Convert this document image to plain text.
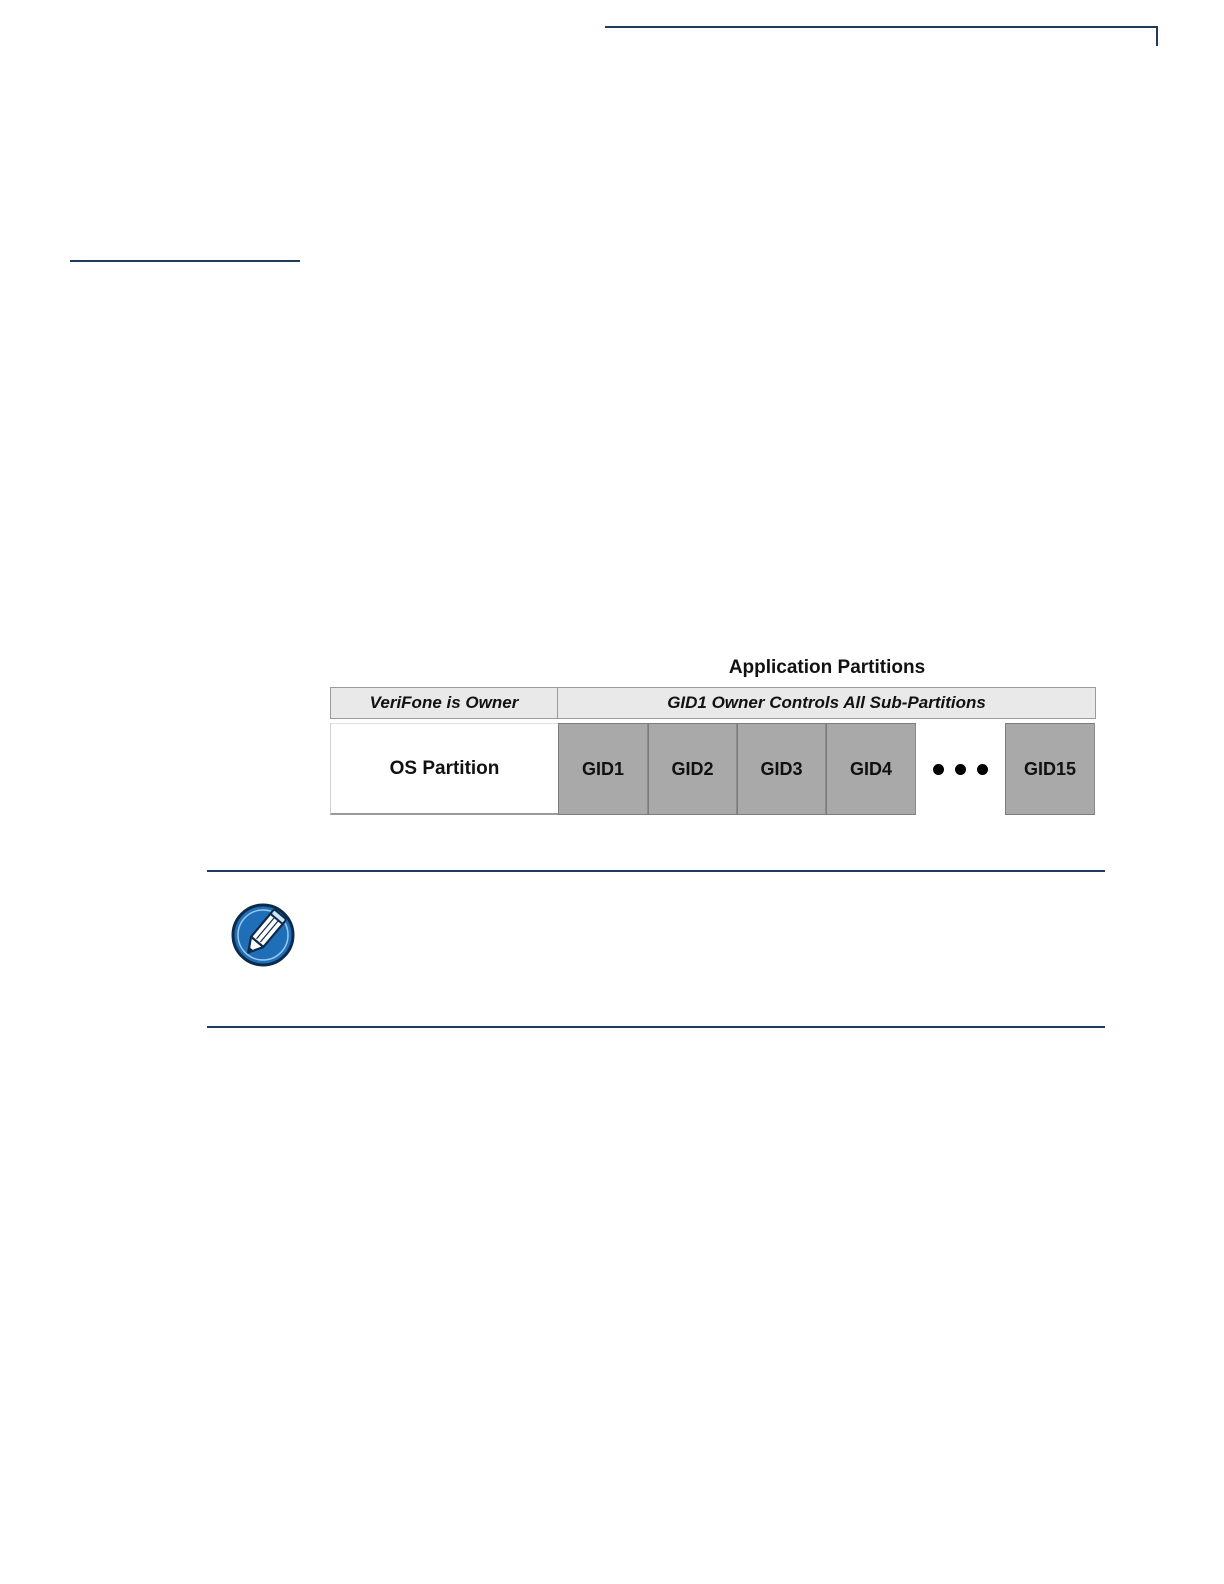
Application Partitions
VeriFone is Owner	GID1 Owner Controls All Sub-Partitions
OS Partition	GID1	GID2	GID3	GID4	GID15
